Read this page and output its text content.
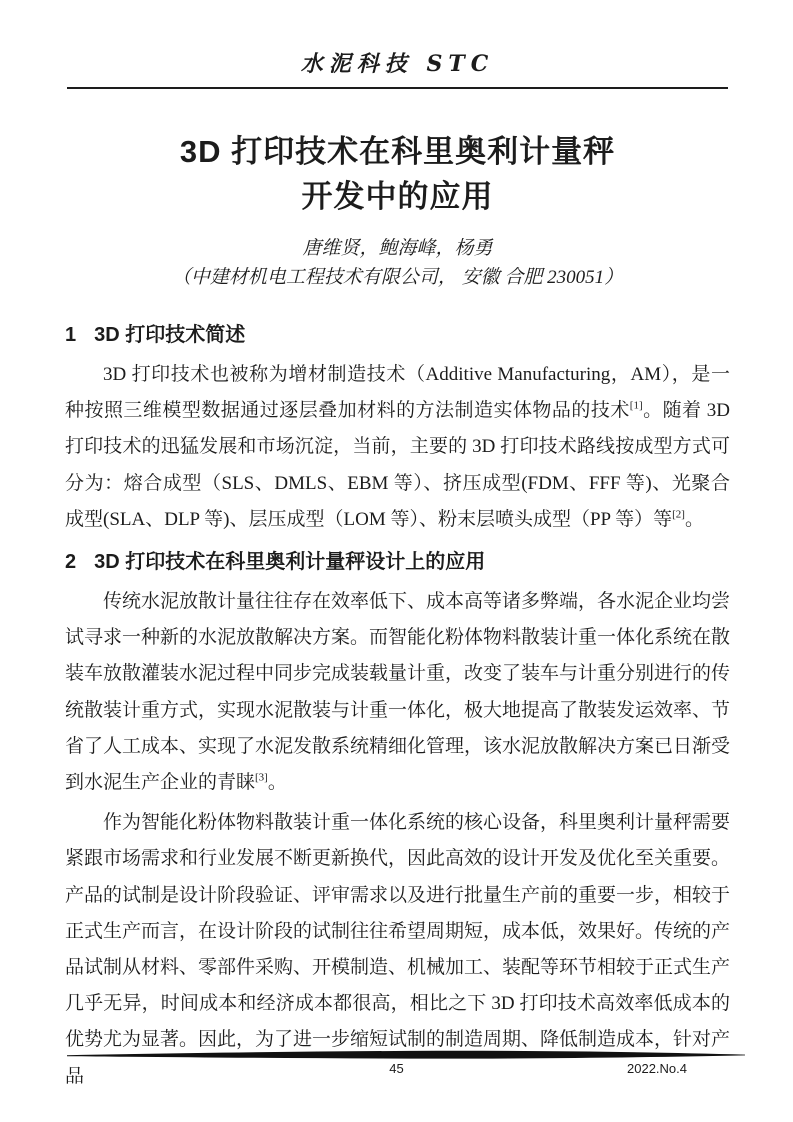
水泥科技 STC
3D 打印技术在科里奥利计量秤
开发中的应用
唐维贤，鲍海峰，杨勇
（中建材机电工程技术有限公司， 安徽 合肥 230051）
1 3D 打印技术简述

3D 打印技术也被称为增材制造技术（Additive Manufacturing，AM），是一种按照三维模型数据通过逐层叠加材料的方法制造实体物品的技术[1]。随着 3D 打印技术的迅猛发展和市场沉淀，当前，主要的 3D 打印技术路线按成型方式可分为：熔合成型（SLS、DMLS、EBM 等）、挤压成型(FDM、FFF 等)、光聚合成型(SLA、DLP 等)、层压成型（LOM 等）、粉末层喷头成型（PP 等）等[2]。

2 3D 打印技术在科里奥利计量秤设计上的应用

传统水泥放散计量往往存在效率低下、成本高等诸多弊端，各水泥企业均尝试寻求一种新的水泥放散解决方案。而智能化粉体物料散装计重一体化系统在散装车放散灌装水泥过程中同步完成装载量计重，改变了装车与计重分别进行的传统散装计重方式，实现水泥散装与计重一体化，极大地提高了散装发运效率、节省了人工成本、实现了水泥发散系统精细化管理，该水泥放散解决方案已日渐受到水泥生产企业的青睐[3]。

作为智能化粉体物料散装计重一体化系统的核心设备，科里奥利计量秤需要紧跟市场需求和行业发展不断更新换代，因此高效的设计开发及优化至关重要。产品的试制是设计阶段验证、评审需求以及进行批量生产前的重要一步，相较于正式生产而言，在设计阶段的试制往往希望周期短，成本低，效果好。传统的产品试制从材料、零部件采购、开模制造、机械加工、装配等环节相较于正式生产几乎无异，时间成本和经济成本都很高，相比之下 3D 打印技术高效率低成本的优势尤为显著。因此，为了进一步缩短试制的制造周期、降低制造成本，针对产品	45	2022.No.4
